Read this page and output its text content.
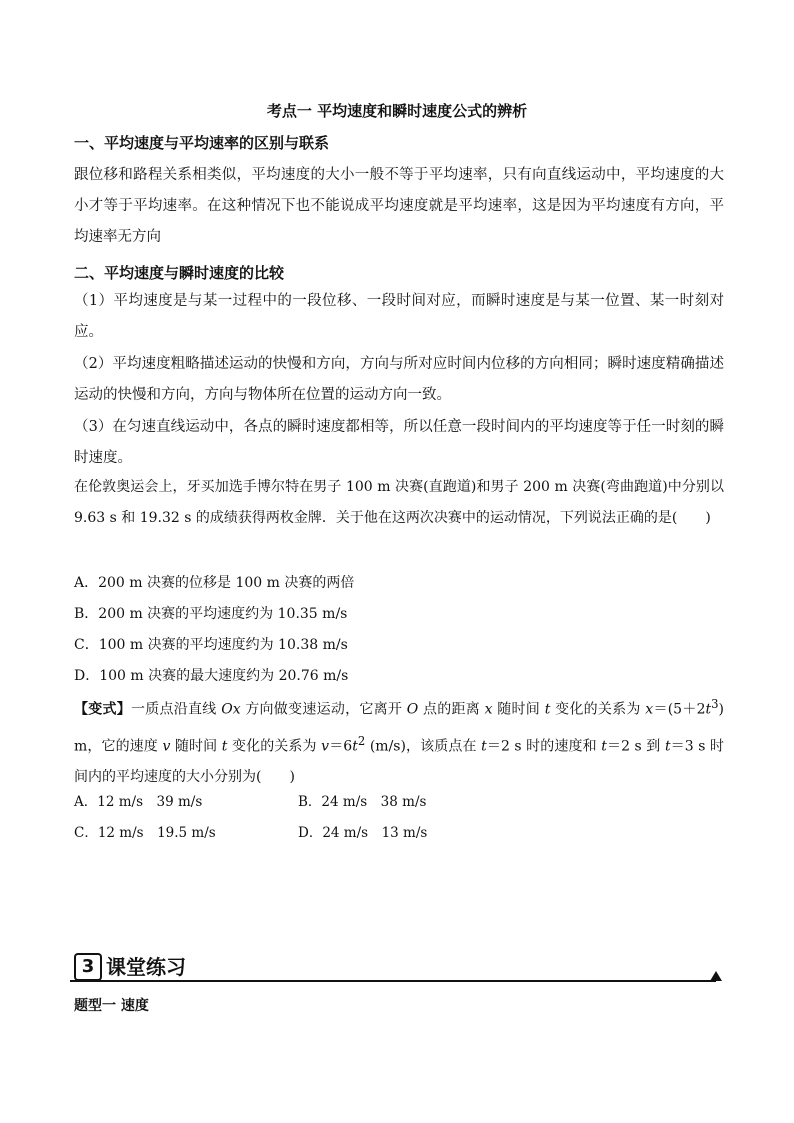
考点一 平均速度和瞬时速度公式的辨析
一、平均速度与平均速率的区别与联系
跟位移和路程关系相类似，平均速度的大小一般不等于平均速率，只有向直线运动中，平均速度的大小才等于平均速率。在这种情况下也不能说成平均速度就是平均速率，这是因为平均速度有方向，平均速率无方向
二、平均速度与瞬时速度的比较
（1）平均速度是与某一过程中的一段位移、一段时间对应，而瞬时速度是与某一位置、某一时刻对应。
（2）平均速度粗略描述运动的快慢和方向，方向与所对应时间内位移的方向相同；瞬时速度精确描述运动的快慢和方向，方向与物体所在位置的运动方向一致。
（3）在匀速直线运动中，各点的瞬时速度都相等，所以任意一段时间内的平均速度等于任一时刻的瞬时速度。
在伦敦奥运会上，牙买加选手博尔特在男子 100 m 决赛(直跑道)和男子 200 m 决赛(弯曲跑道)中分别以 9.63 s 和 19.32 s 的成绩获得两枚金牌．关于他在这两次决赛中的运动情况，下列说法正确的是(　　)
A．200 m 决赛的位移是 100 m 决赛的两倍
B．200 m 决赛的平均速度约为 10.35 m/s
C．100 m 决赛的平均速度约为 10.38 m/s
D．100 m 决赛的最大速度约为 20.76 m/s
【变式】一质点沿直线 Ox 方向做变速运动，它离开 O 点的距离 x 随时间 t 变化的关系为 $x=(5+2t^3)$ m，它的速度 v 随时间 t 变化的关系为 $v=6t^2$ (m/s)，该质点在 t＝2 s 时的速度和 t＝2 s 到 t＝3 s 时间内的平均速度的大小分别为(　　)
A．12 m/s　39 m/s	B．24 m/s　38 m/s
C．12 m/s　19.5 m/s	D．24 m/s　13 m/s
3 课堂练习
题型一 速度
